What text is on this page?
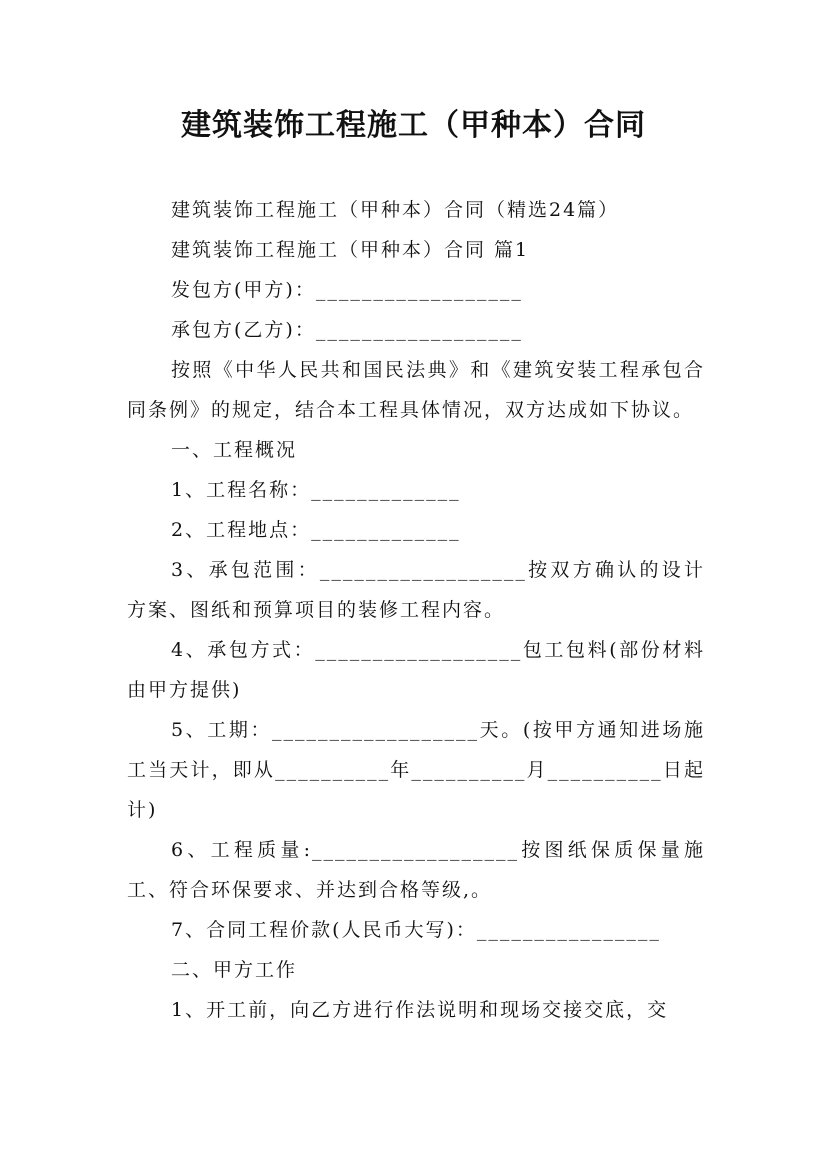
建筑装饰工程施工（甲种本）合同

建筑装饰工程施工（甲种本）合同（精选24篇）

建筑装饰工程施工（甲种本）合同 篇1

发包方(甲方)：__________________

承包方(乙方)：__________________

按照《中华人民共和国民法典》和《建筑安装工程承包合同条例》的规定，结合本工程具体情况，双方达成如下协议。

一、工程概况

1、工程名称：_____________

2、工程地点：_____________

3、承包范围：__________________按双方确认的设计方案、图纸和预算项目的装修工程内容。

4、承包方式：__________________包工包料(部份材料由甲方提供)

5、工期：__________________天。(按甲方通知进场施工当天计，即从__________年__________月__________日起计)

6、工程质量:__________________按图纸保质保量施工、符合环保要求、并达到合格等级,。

7、合同工程价款(人民币大写)：________________

二、甲方工作

1、开工前，向乙方进行作法说明和现场交接交底，交
